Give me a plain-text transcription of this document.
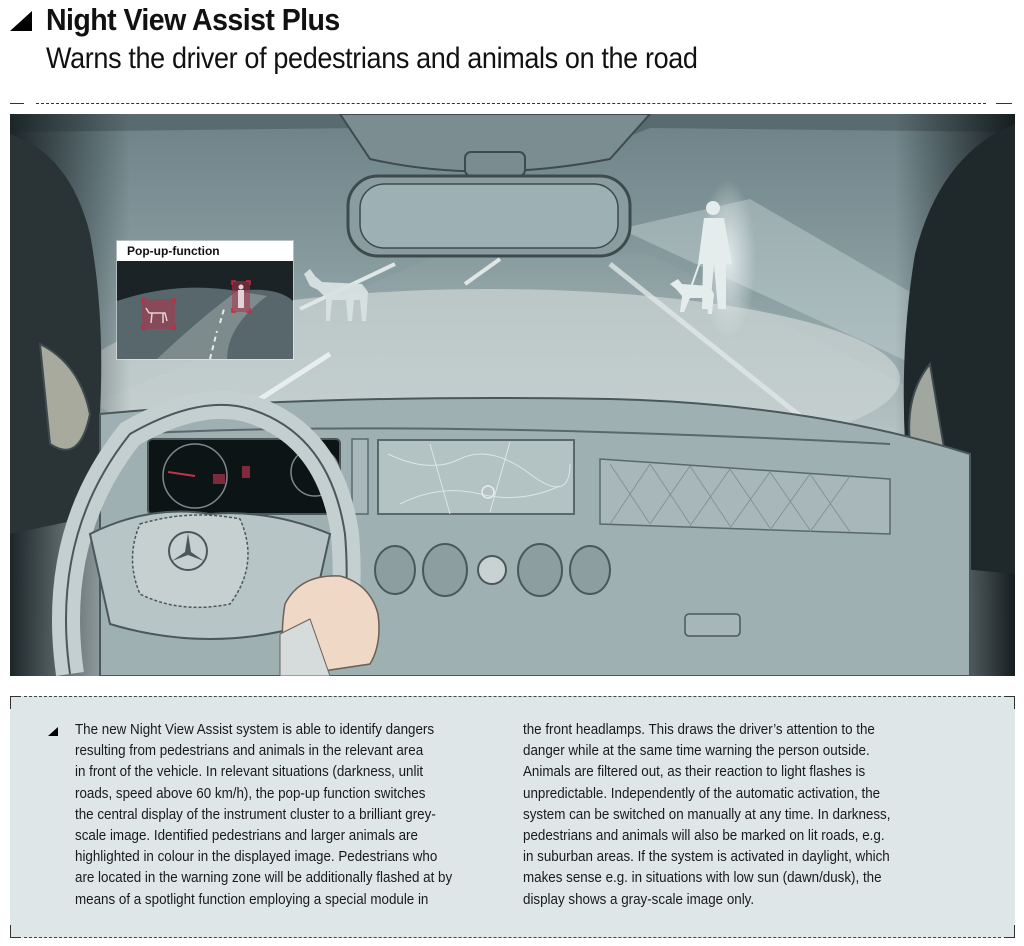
Night View Assist Plus
Warns the driver of pedestrians and animals on the road
Pop-up-function
The new Night View Assist system is able to identify dangers
resulting from pedestrians and animals in the relevant area
in front of the vehicle. In relevant situations (darkness, unlit
roads, speed above 60 km/h), the pop-up function switches
the central display of the instrument cluster to a brilliant grey-
scale image. Identified pedestrians and larger animals are
highlighted in colour in the displayed image. Pedestrians who
are located in the warning zone will be additionally flashed at by
means of a spotlight function employing a special module in
the front headlamps. This draws the driver’s attention to the
danger while at the same time warning the person outside.
Animals are filtered out, as their reaction to light flashes is
unpredictable. Independently of the automatic activation, the
system can be switched on manually at any time. In darkness,
pedestrians and animals will also be marked on lit roads, e.g.
in suburban areas. If the system is activated in daylight, which
makes sense e.g. in situations with low sun (dawn/dusk), the
display shows a gray-scale image only.
